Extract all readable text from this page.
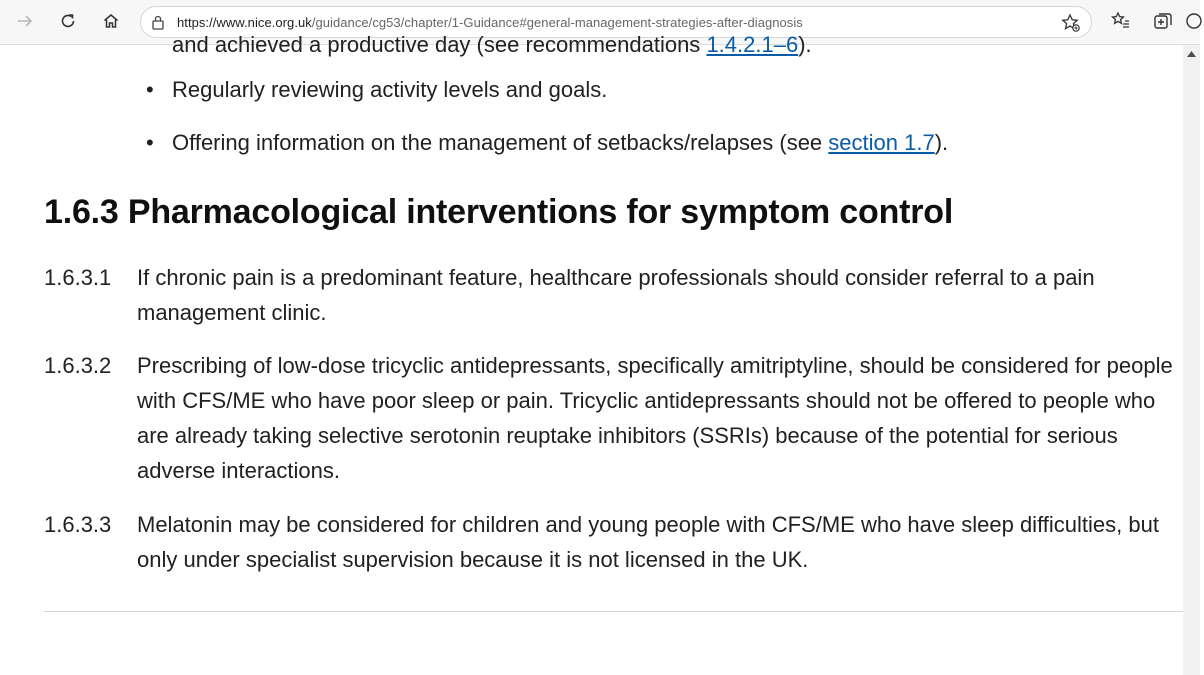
https://www.nice.org.uk/guidance/cg53/chapter/1-Guidance#general-management-strategies-after-diagnosis
and achieved a productive day (see recommendations 1.4.2.1–6).
• Regularly reviewing activity levels and goals.
• Offering information on the management of setbacks/relapses (see section 1.7).
1.6.3 Pharmacological interventions for symptom control
1.6.3.1 If chronic pain is a predominant feature, healthcare professionals should consider referral to a pain management clinic.
1.6.3.2 Prescribing of low-dose tricyclic antidepressants, specifically amitriptyline, should be considered for people with CFS/ME who have poor sleep or pain. Tricyclic antidepressants should not be offered to people who are already taking selective serotonin reuptake inhibitors (SSRIs) because of the potential for serious adverse interactions.
1.6.3.3 Melatonin may be considered for children and young people with CFS/ME who have sleep difficulties, but only under specialist supervision because it is not licensed in the UK.
